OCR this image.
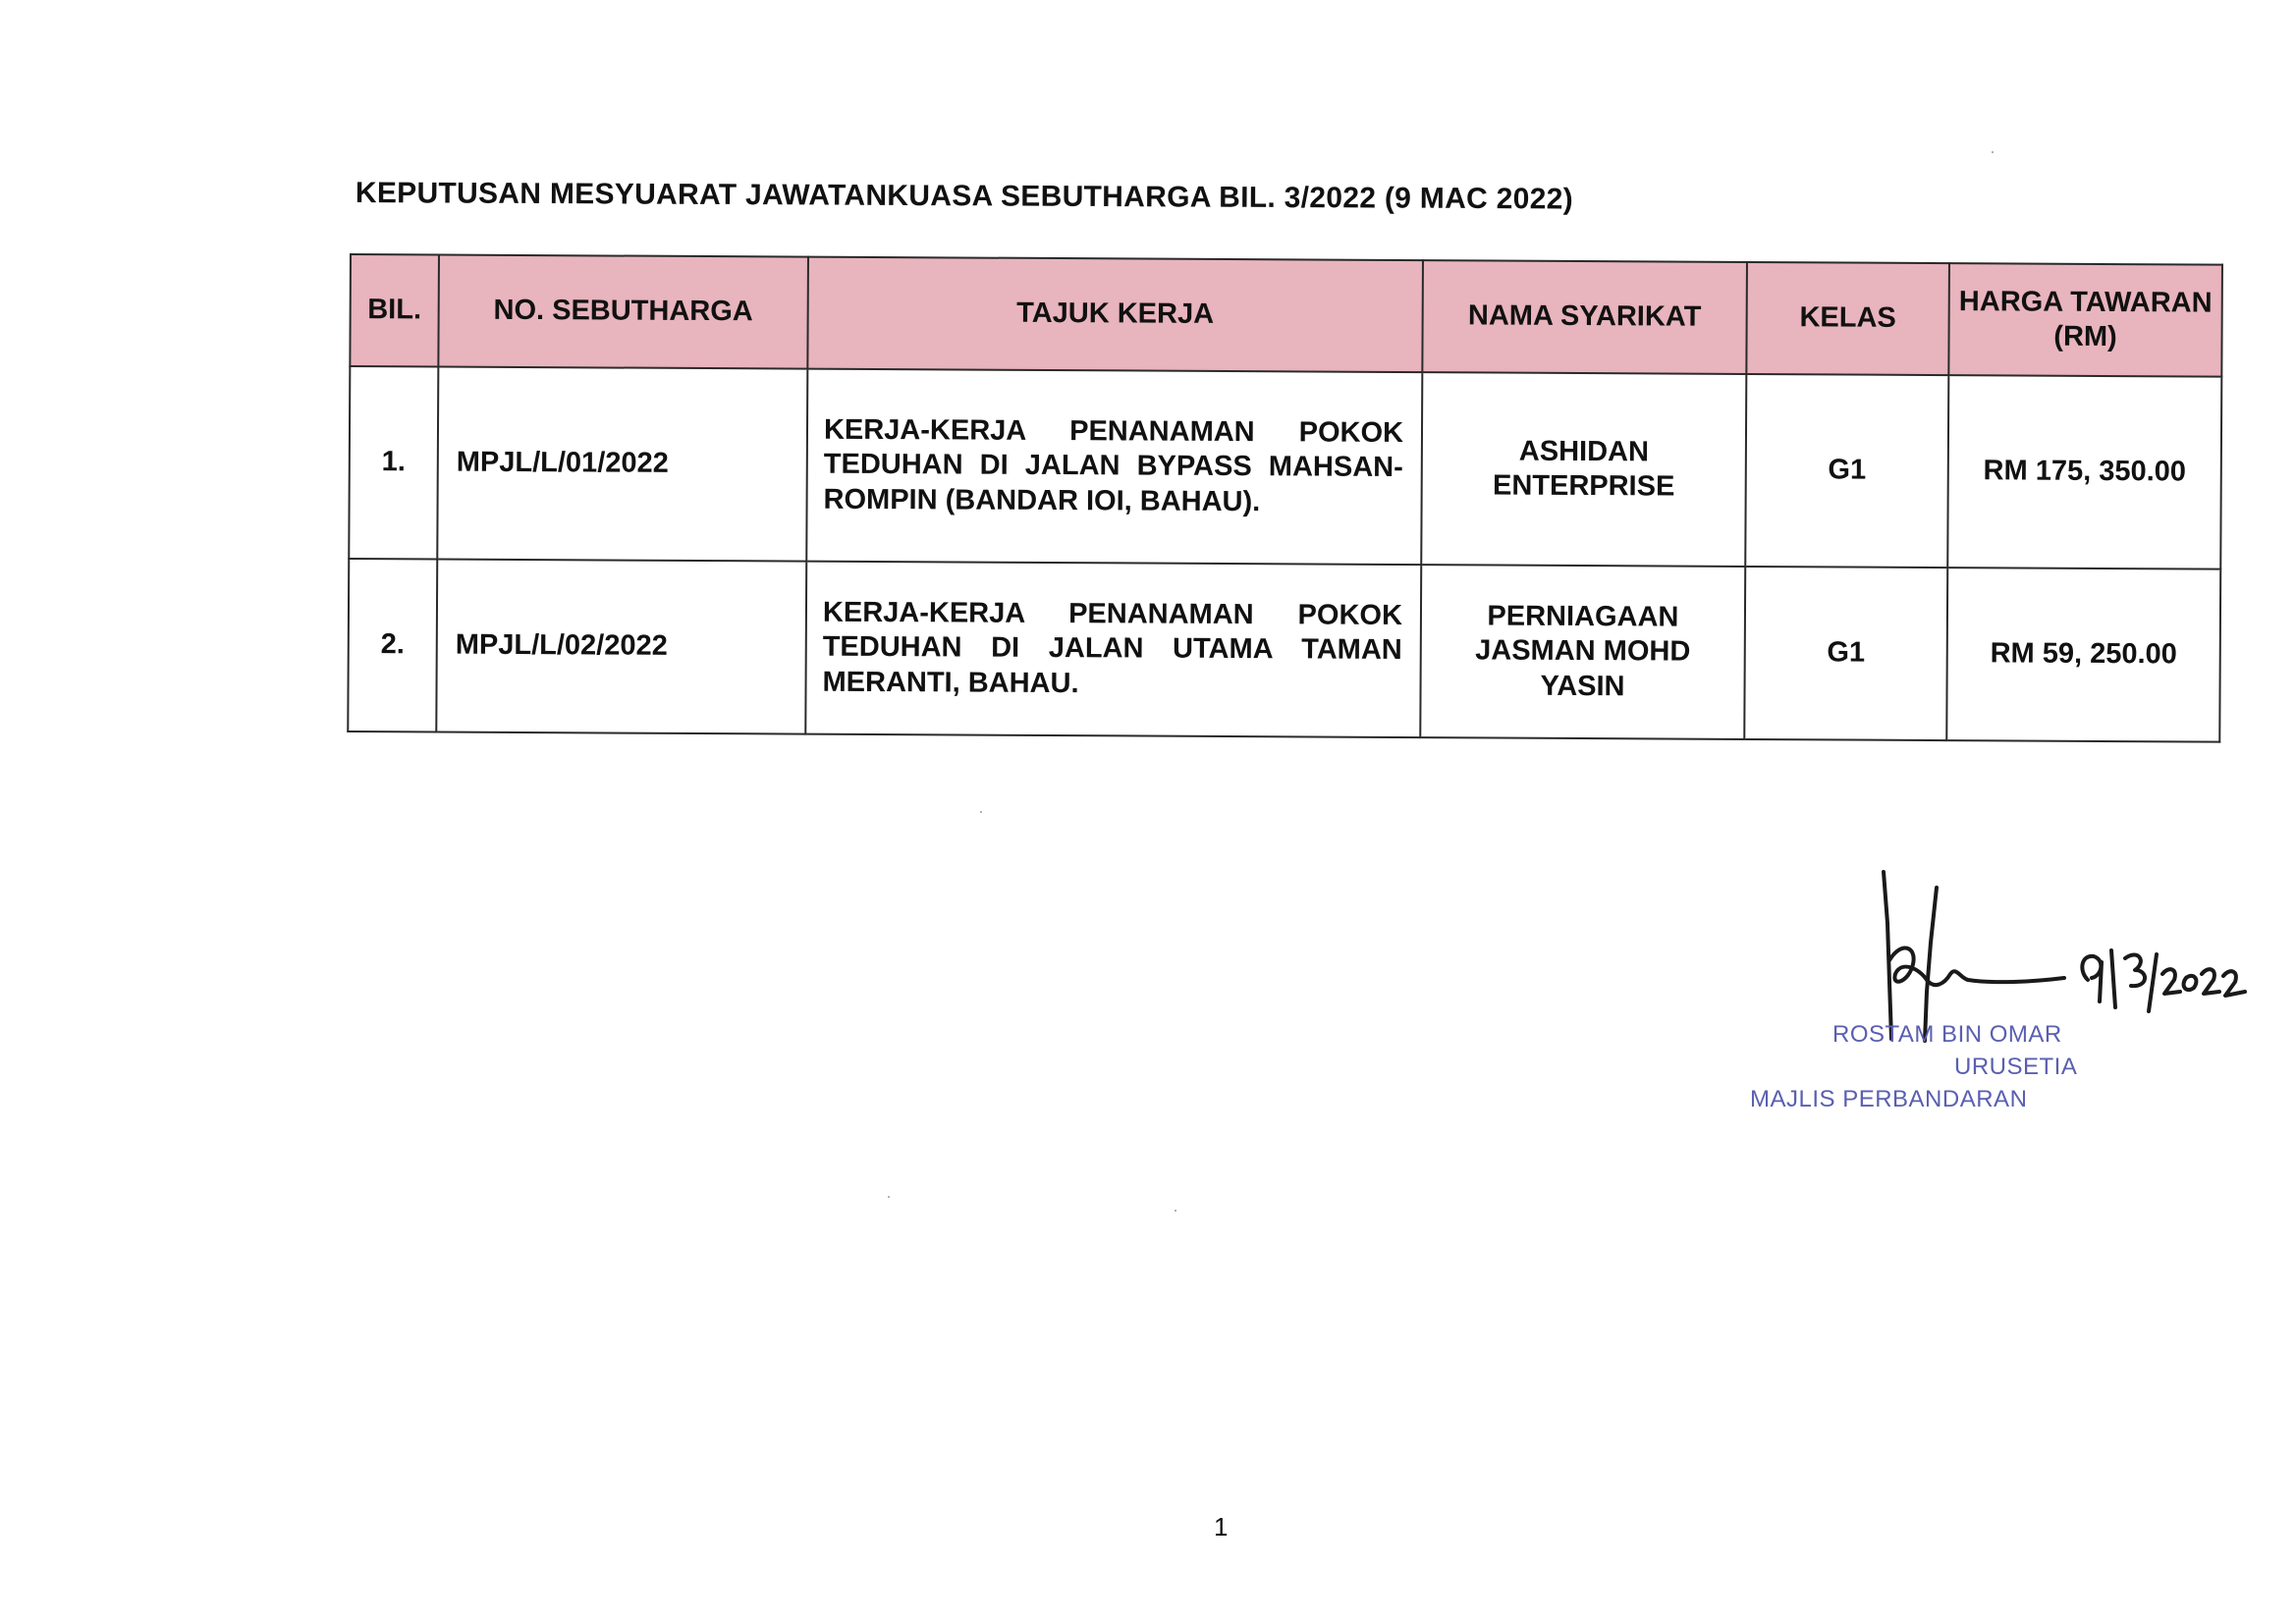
KEPUTUSAN MESYUARAT JAWATANKUASA SEBUTHARGA BIL. 3/2022 (9 MAC 2022)
BIL.	NO. SEBUTHARGA	TAJUK KERJA	NAMA SYARIKAT	KELAS	HARGA TAWARAN (RM)
1.	MPJL/L/01/2022	KERJA-KERJA PENANAMAN POKOK TEDUHAN DI JALAN BYPASS MAHSAN-ROMPIN (BANDAR IOI, BAHAU).	ASHIDAN ENTERPRISE	G1	RM 175, 350.00
2.	MPJL/L/02/2022	KERJA-KERJA PENANAMAN POKOK TEDUHAN DI JALAN UTAMA TAMAN MERANTI, BAHAU.	PERNIAGAAN JASMAN MOHD YASIN	G1	RM 59, 250.00
ROSTAM BIN OMAR
URUSETIA
MAJLIS PERBANDARAN
1
